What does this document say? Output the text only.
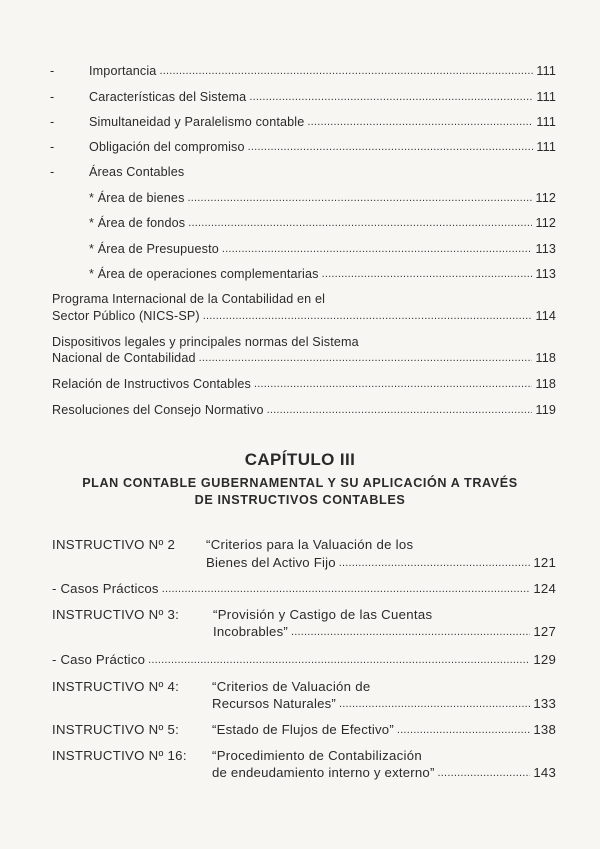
-	Importancia .....	111
-	Características del Sistema .....	111
-	Simultaneidad y Paralelismo contable .....	111
-	Obligación del compromiso .....	111
-	Áreas Contables
* Área de bienes .....	112
* Área de fondos .....	112
* Área de Presupuesto .....	113
* Área de operaciones complementarias .....	113
Programa Internacional de la Contabilidad en el
Sector Público (NICS-SP) .....	114
Dispositivos legales y principales normas del Sistema
Nacional de Contabilidad .....	118
Relación de Instructivos Contables .....	118
Resoluciones del Consejo Normativo .....	119
CAPÍTULO III
PLAN CONTABLE GUBERNAMENTAL Y SU APLICACIÓN A TRAVÉS
DE INSTRUCTIVOS CONTABLES
INSTRUCTIVO Nº 2 “Criterios para la Valuación de los
Bienes del Activo Fijo .....	121
- Casos Prácticos .....	124
INSTRUCTIVO Nº 3:	“Provisión y Castigo de las Cuentas
Incobrables” .....	127
- Caso Práctico .....	129
INSTRUCTIVO Nº 4: “Criterios de Valuación de
Recursos Naturales” .....	133
INSTRUCTIVO Nº 5: “Estado de Flujos de Efectivo” .....	138
INSTRUCTIVO Nº 16: “Procedimiento de Contabilización
de endeudamiento interno y externo” .....	143
